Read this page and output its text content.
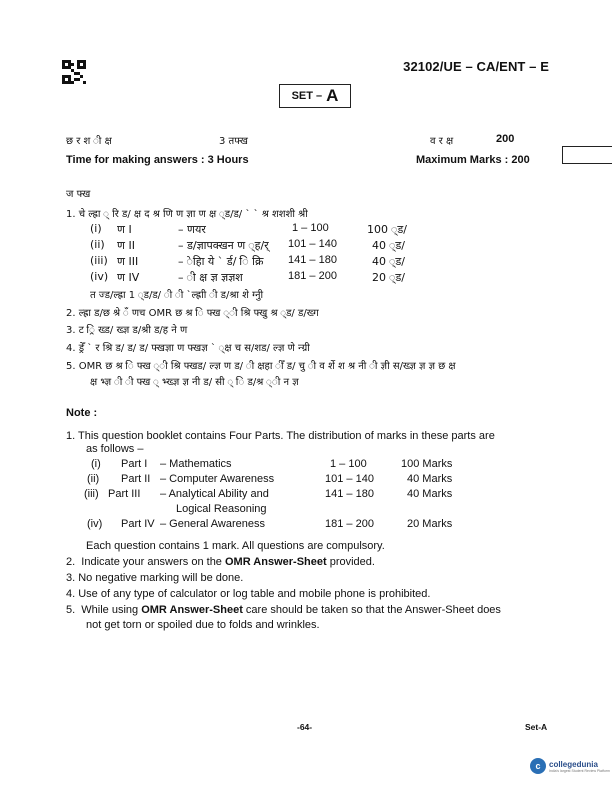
32102/UE – CA/ENT – E
SET – A
छ र श ी क्ष	3 तफ्ख	व र क्ष	200
Time for making answers : 3 Hours	Maximum Marks : 200
ज फ्ख
1. चे ल्ह्रा ् रि ड/ क्ष द श्र णि ण ज्ञा ण क्ष ्ड/ड/ ` ` श्र शशशी श्री
(i) ण I	– णयर	1 – 100	100 ्ड/
(ii) ण II	– ड/ज्ञापक्खन ण ्ह/र् 101 – 140	40 ्ड/
(iii) ण III	– ेहाि ये ` र्ड/ ि क्रि 141 – 180	40 ्ड/
(iv) ण IV	– ी क्ष ज्ञ ज्ञज्ञश	181 – 200	20 ्ड/
त ज्ड/ल्ह्रा 1 ्ड/ड/ ी ी `ल्ह्राी ी ड/श्रा शे ग्नुी
2. ल्ह्रा ड/छ श्रे ँ णच OMR छ श्र ि फ्ख ्ी श्रि फ्खु श्र ्ड/ ड/ख्ग
3. ट ्रि ख्ड/ ख्ज्ञ ड/श्री ड/ह ने ण
4. ड्रेँ ` र श्रि ड/ ड/ ड/ फ्खज्ञा ण फ्खज्ञ ` ्क्ष च स/शड/ ल्ज्ञ णे न्ग्री
5. OMR छ श्र ि फ्ख ्ी श्रि फ्खड/ ल्ज्ञ ण ड/ ी क्षहा ीँ ड/ चु ी व र्शे श श्र नी ी ज्ञी स/ख्ज्ञ ज्ञ ज्ञ छ क्ष
क्ष भ्ज्ञ ी ी फ्ख ् भ्ख्ज्ञ ज्ञ नी ड/ सी ् ि ड/श्र ्ी न ज्ञ
Note :
1. This question booklet contains Four Parts. The distribution of marks in these parts are
as follows –
(i) Part I – Mathematics	1 – 100	100 Marks
(ii) Part II – Computer Awareness	101 – 140	40 Marks
(iii) Part III – Analytical Ability and	141 – 180	40 Marks
Logical Reasoning
(iv) Part IV – General Awareness	181 – 200	20 Marks
Each question contains 1 mark. All questions are compulsory.
2.  Indicate your answers on the OMR Answer-Sheet provided.
3. No negative marking will be done.
4. Use of any type of calculator or log table and mobile phone is prohibited.
5.  While using OMR Answer-Sheet care should be taken so that the Answer-Sheet does
not get torn or spoiled due to folds and wrinkles.
-64-	Set-A
c	collegedunia
India's largest Student Review Platform
